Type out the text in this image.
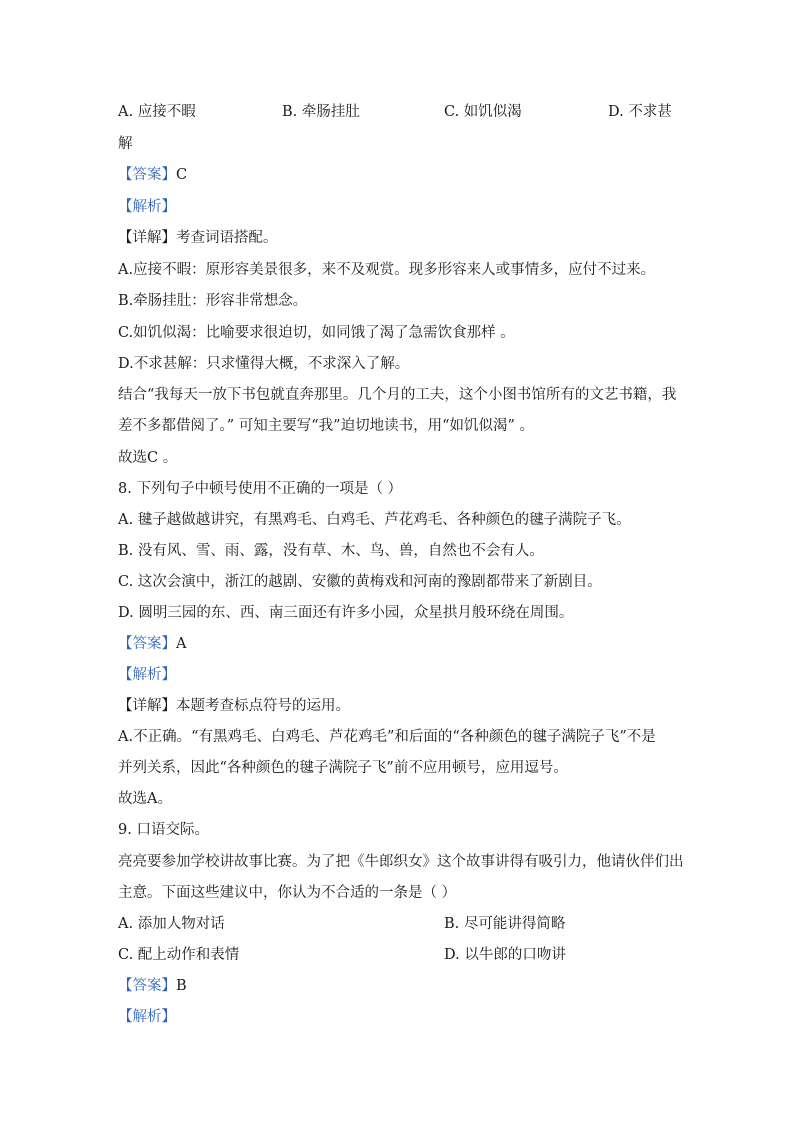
A. 应接不暇	B. 牵肠挂肚	C. 如饥似渴	D. 不求甚
解
【答案】C
【解析】
【详解】考查词语搭配。
A.应接不暇：原形容美景很多，来不及观赏。现多形容来人或事情多，应付不过来。
B.牵肠挂肚：形容非常想念。
C.如饥似渴：比喻要求很迫切，如同饿了渴了急需饮食那样 。
D.不求甚解：只求懂得大概，不求深入了解。
结合“我每天一放下书包就直奔那里。几个月的工夫，这个小图书馆所有的文艺书籍，我
差不多都借阅了。” 可知主要写“我”迫切地读书，用“如饥似渴” 。
故选C 。
8. 下列句子中顿号使用不正确的一项是（ ）
A. 毽子越做越讲究，有黑鸡毛、白鸡毛、芦花鸡毛、各种颜色的毽子满院子飞。
B. 没有风、雪、雨、露，没有草、木、鸟、兽，自然也不会有人。
C. 这次会演中，浙江的越剧、安徽的黄梅戏和河南的豫剧都带来了新剧目。
D. 圆明三园的东、西、南三面还有许多小园，众星拱月般环绕在周围。
【答案】A
【解析】
【详解】本题考查标点符号的运用。
A.不正确。“有黑鸡毛、白鸡毛、芦花鸡毛”和后面的“各种颜色的毽子满院子飞”不是
并列关系，因此“各种颜色的毽子满院子飞”前不应用顿号，应用逗号。
故选A。
9. 口语交际。
亮亮要参加学校讲故事比赛。为了把《牛郎织女》这个故事讲得有吸引力，他请伙伴们出
主意。下面这些建议中，你认为不合适的一条是（ ）
A. 添加人物对话	B. 尽可能讲得简略
C. 配上动作和表情	D. 以牛郎的口吻讲
【答案】B
【解析】
